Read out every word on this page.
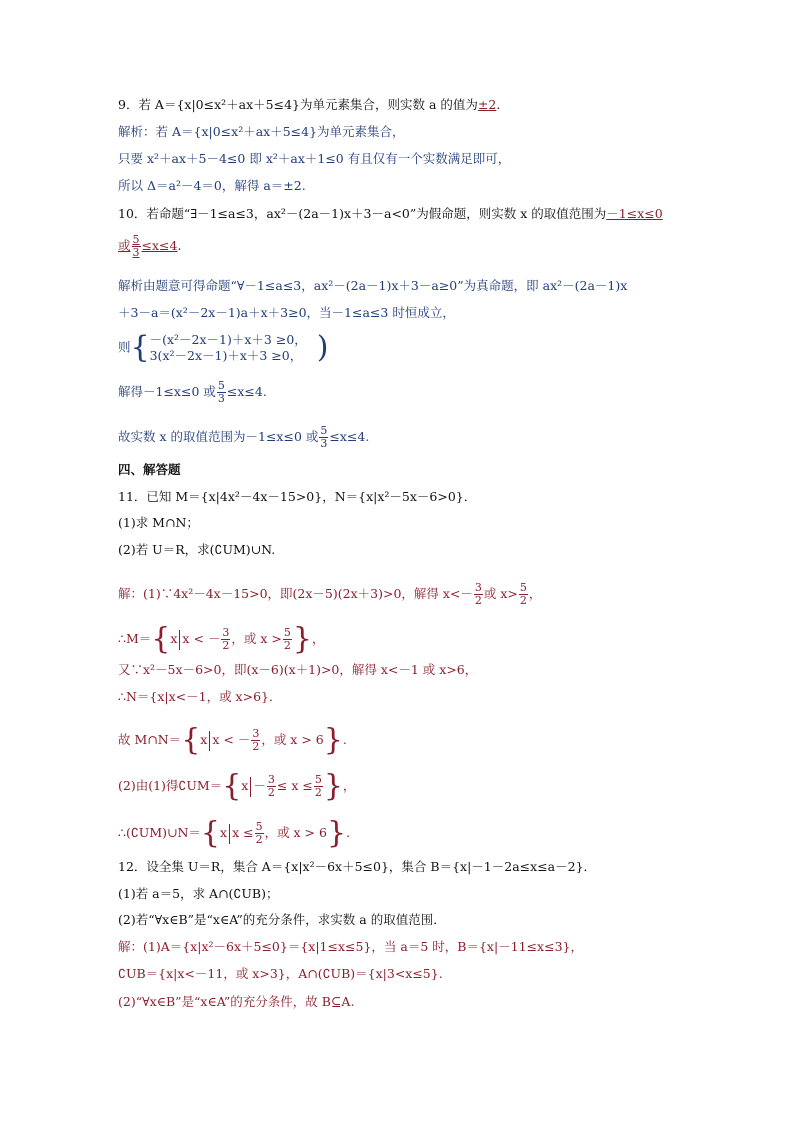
9．若 A＝{x|0≤x²＋ax＋5≤4}为单元素集合，则实数 a 的值为±2.
解析：若 A＝{x|0≤x²＋ax＋5≤4}为单元素集合，
只要 x²＋ax＋5－4≤0 即 x²＋ax＋1≤0 有且仅有一个实数满足即可，
所以 Δ＝a²－4＝0，解得 a＝±2.
10．若命题“∃－1≤a≤3，ax²－(2a－1)x＋3－a<0”为假命题，则实数 x 的取值范围为－1≤x≤0
或 $\frac{5}{3} \le x\le 4$.
解析由题意可得命题“∀－1≤a≤3，ax²－(2a－1)x＋3－a≥0”为真命题，即 ax²－(2a－1)x
＋3－a＝(x²－2x－1)a＋x＋3≥0，当－1≤a≤3 时恒成立，
则{ －(x²－2x－1)＋x＋3 ≥0，
3(x²－2x－1)＋x＋3 ≥0， )
解得－1≤x≤0 或 $\frac{5}{3} \le x\le 4$.
故实数 x 的取值范围为－1≤x≤0 或 $\frac{5}{3} \le x\le 4$.
四、解答题
11．已知 M＝{x|4x²－4x－15>0}，N＝{x|x²－5x－6>0}．
(1)求 M∩N；
(2)若 U＝R，求(∁UM)∪N.
解：(1)∵4x²－4x－15>0，即(2x－5)(2x＋3)>0，解得 $x<- \frac{3}{2}$ 或 $x> \frac{5}{2}$ ，
∴M＝{x x < － $\frac{3}{2}$ ，或 $x > \frac{5}{2}$ }，
又∵x²－5x－6>0，即(x－6)(x＋1)>0，解得 x<－1 或 x>6，
∴N＝{x|x<－1，或 x>6}．
故 M∩N＝{x x < － $\frac{3}{2}$ ，或 x > 6}.
(2)由(1)得∁UM＝{x － $\frac{3}{2} \le x \le \frac{5}{2}$ }，
∴(∁UM)∪N＝{x $x \le \frac{5}{2}$ ，或 x > 6}.
12．设全集 U＝R，集合 A＝{x|x²－6x＋5≤0}，集合 B＝{x|－1－2a≤x≤a－2}．
(1)若 a＝5，求 A∩(∁UB)；
(2)若“∀x∈B”是“x∈A”的充分条件，求实数 a 的取值范围．
解：(1)A＝{x|x²－6x＋5≤0}＝{x|1≤x≤5}，当 a＝5 时，B＝{x|－11≤x≤3}，
∁UB＝{x|x<－11，或 x>3}，A∩(∁UB)＝{x|3<x≤5}.
(2)“∀x∈B”是“x∈A”的充分条件，故 B⊆A.
